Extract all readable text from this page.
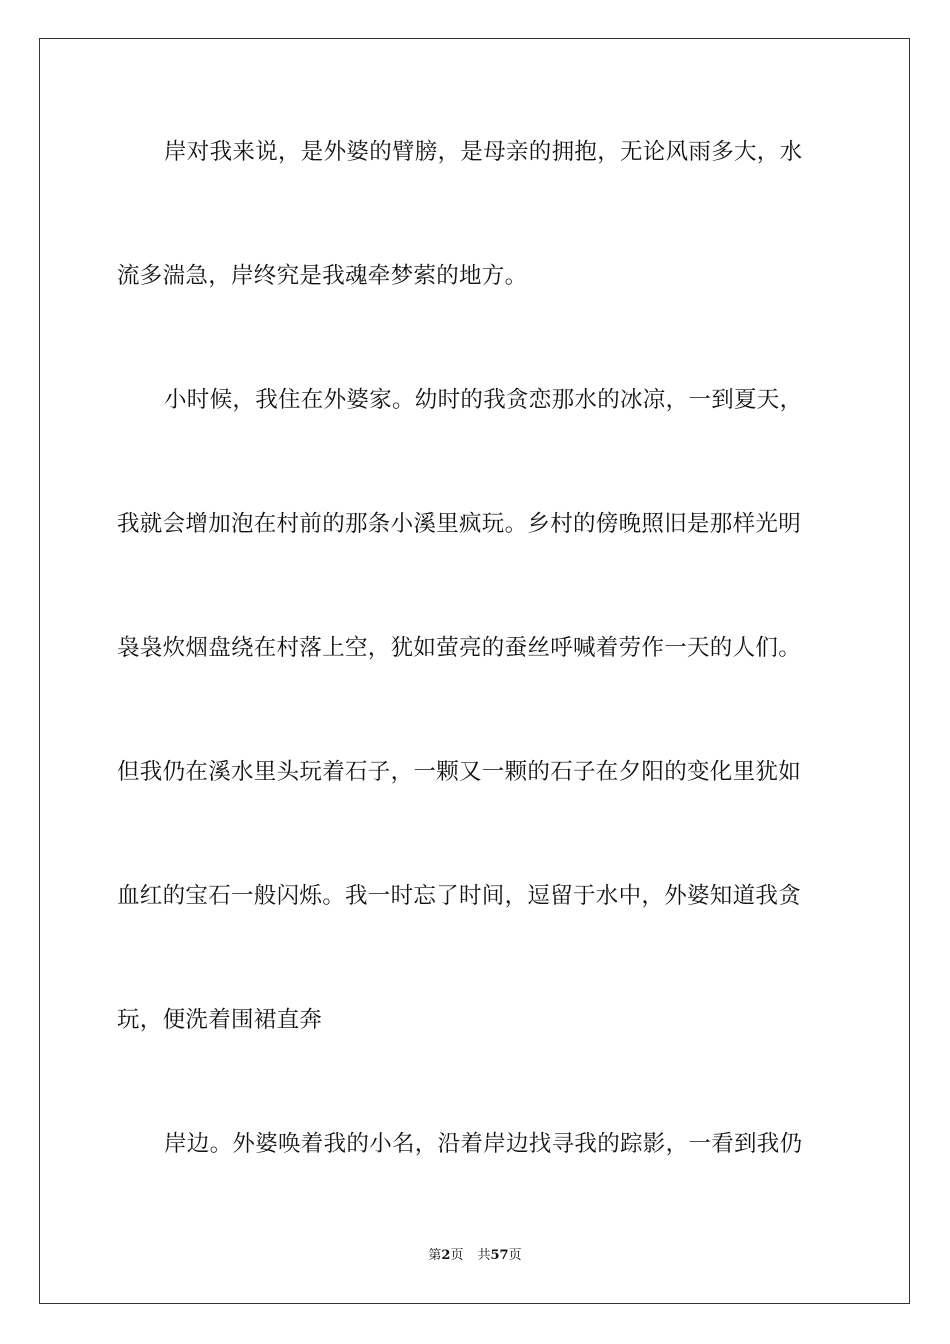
岸对我来说，是外婆的臂膀，是母亲的拥抱，无论风雨多大，水
流多湍急，岸终究是我魂牵梦萦的地方。
小时候，我住在外婆家。幼时的我贪恋那水的冰凉，一到夏天，
我就会增加泡在村前的那条小溪里疯玩。乡村的傍晚照旧是那样光明
袅袅炊烟盘绕在村落上空，犹如萤亮的蚕丝呼喊着劳作一天的人们。
但我仍在溪水里头玩着石子，一颗又一颗的石子在夕阳的变化里犹如
血红的宝石一般闪烁。我一时忘了时间，逗留于水中，外婆知道我贪
玩，便洗着围裙直奔
岸边。外婆唤着我的小名，沿着岸边找寻我的踪影，一看到我仍
第2页 共57页
